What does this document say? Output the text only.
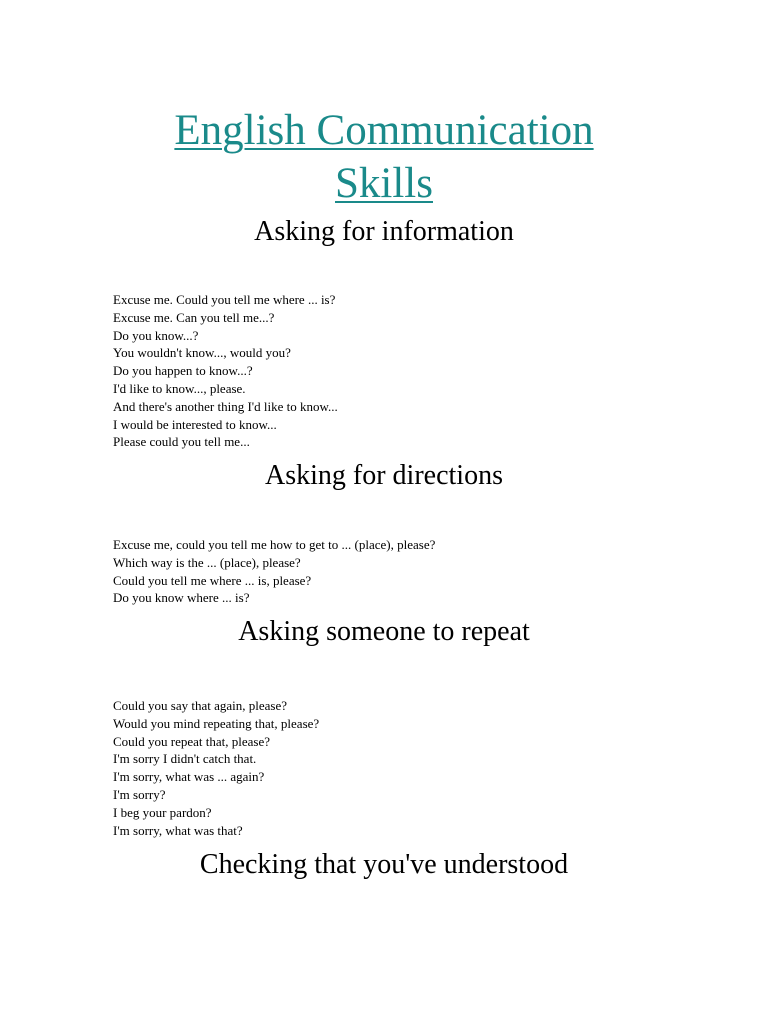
English Communication
Skills
Asking for information
Excuse me. Could you tell me where ... is?
Excuse me. Can you tell me...?
Do you know...?
You wouldn't know..., would you?
Do you happen to know...?
I'd like to know..., please.
And there's another thing I'd like to know...
I would be interested to know...
Please could you tell me...
Asking for directions
Excuse me, could you tell me how to get to ... (place), please?
Which way is the ... (place), please?
Could you tell me where ... is, please?
Do you know where ... is?
Asking someone to repeat
Could you say that again, please?
Would you mind repeating that, please?
Could you repeat that, please?
I'm sorry I didn't catch that.
I'm sorry, what was ... again?
I'm sorry?
I beg your pardon?
I'm sorry, what was that?
Checking that you've understood
